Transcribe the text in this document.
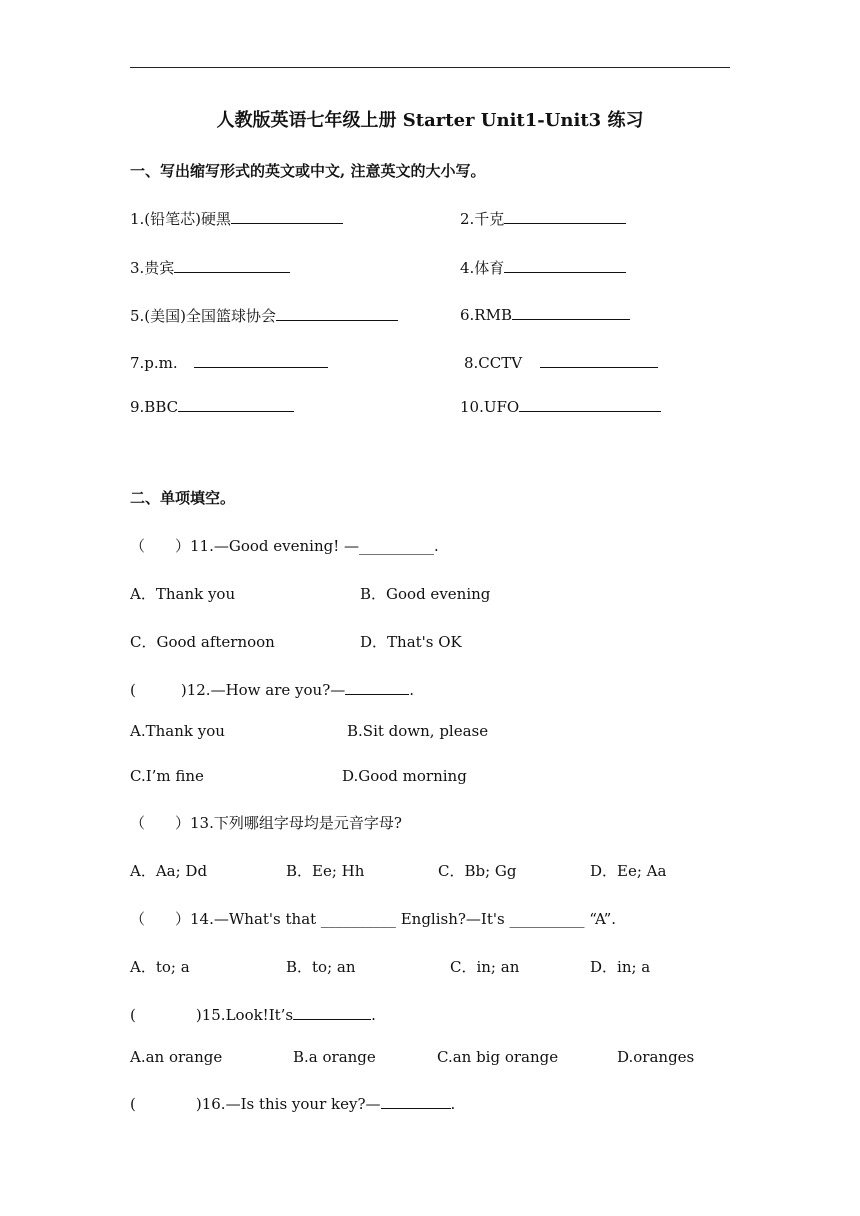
人教版英语七年级上册 Starter Unit1-Unit3 练习
一、写出缩写形式的英文或中文, 注意英文的大小写。
1.(铅笔芯)硬黑	2.千克
3.贵宾	4.体育
5.(美国)全国篮球协会	6.RMB
7.p.m.	8.CCTV
9.BBC	10.UFO
二、单项填空。
（　　）11.—Good evening! —__________.
A．Thank you	B．Good evening
C．Good afternoon	D．That's OK
(　　　)12.—How are you?—	.
A.Thank you	B.Sit down, please
C.I’m fine	D.Good morning
（　　）13.下列哪组字母均是元音字母?
A．Aa; Dd	B．Ee; Hh	C．Bb; Gg	D．Ee; Aa
（　　）14.—What's that __________ English?—It's __________ “A”.
A．to; a	B．to; an	C．in; an	D．in; a
(　　　　)15.Look!It’s	.
A.an orange	B.a orange	C.an big orange	D.oranges
(　　　　)16.—Is this your key?—	.
